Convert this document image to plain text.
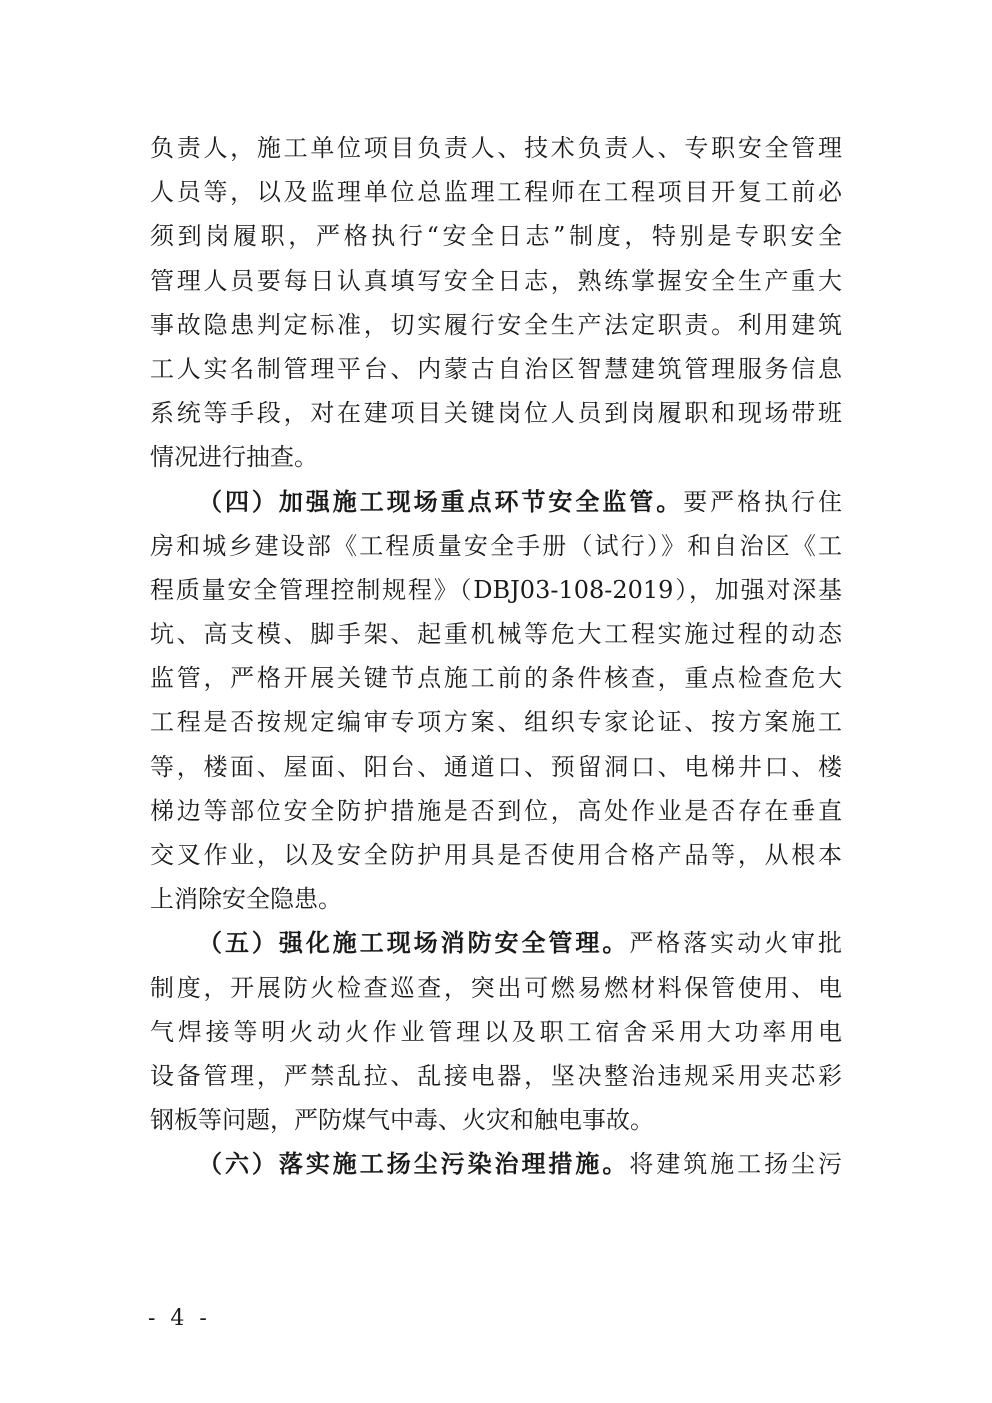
负责人，施工单位项目负责人、技术负责人、专职安全管理
人员等，以及监理单位总监理工程师在工程项目开复工前必
须到岗履职，严格执行“安全日志”制度，特别是专职安全
管理人员要每日认真填写安全日志，熟练掌握安全生产重大
事故隐患判定标准，切实履行安全生产法定职责。利用建筑
工人实名制管理平台、内蒙古自治区智慧建筑管理服务信息
系统等手段，对在建项目关键岗位人员到岗履职和现场带班
情况进行抽查。
（四）加强施工现场重点环节安全监管。要严格执行住
房和城乡建设部《工程质量安全手册（试行）》和自治区《工
程质量安全管理控制规程》（DBJ03-108-2019），加强对深基
坑、高支模、脚手架、起重机械等危大工程实施过程的动态
监管，严格开展关键节点施工前的条件核查，重点检查危大
工程是否按规定编审专项方案、组织专家论证、按方案施工
等，楼面、屋面、阳台、通道口、预留洞口、电梯井口、楼
梯边等部位安全防护措施是否到位，高处作业是否存在垂直
交叉作业，以及安全防护用具是否使用合格产品等，从根本
上消除安全隐患。
（五）强化施工现场消防安全管理。严格落实动火审批
制度，开展防火检查巡查，突出可燃易燃材料保管使用、电
气焊接等明火动火作业管理以及职工宿舍采用大功率用电
设备管理，严禁乱拉、乱接电器，坚决整治违规采用夹芯彩
钢板等问题，严防煤气中毒、火灾和触电事故。
（六）落实施工扬尘污染治理措施。将建筑施工扬尘污
- 4 -
